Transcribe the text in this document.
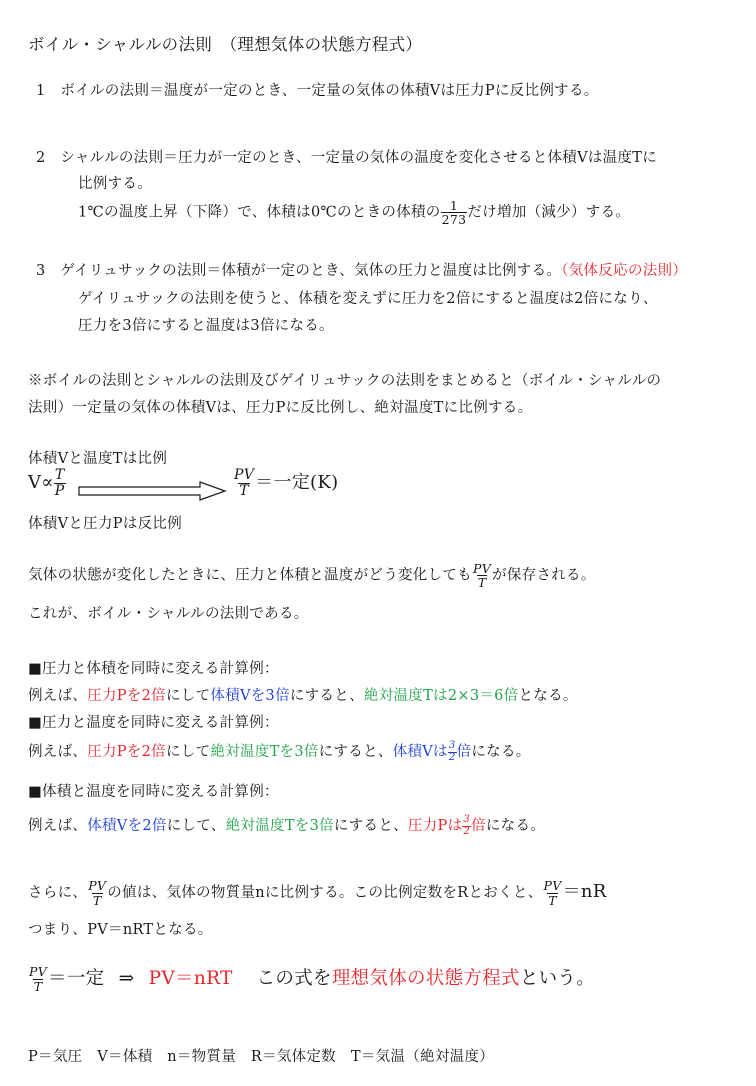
ボイル・シャルルの法則　（理想気体の状態方程式）
1　ボイルの法則＝温度が一定のとき、一定量の気体の体積Vは圧力Pに反比例する。
2　シャルルの法則＝圧力が一定のとき、一定量の気体の温度を変化させると体積Vは温度Tに
比例する。
1℃の温度上昇（下降）で、体積は0℃のときの体積の $\frac{1}{273}$ だけ増加（減少）する。
3　ゲイリュサックの法則＝体積が一定のとき、気体の圧力と温度は比例する。（気体反応の法則）
ゲイリュサックの法則を使うと、体積を変えずに圧力を2倍にすると温度は2倍になり、
圧力を3倍にすると温度は3倍になる。
※ボイルの法則とシャルルの法則及びゲイリュサックの法則をまとめると（ボイル・シャルルの
法則）一定量の気体の体積Vは、圧力Pに反比例し、絶対温度Tに比例する。
体積Vと温度Tは比例
$V\propto \frac{T}{P}$	$\frac{PV}{T}$ ＝一定(K)
体積Vと圧力Pは反比例
気体の状態が変化したときに、圧力と体積と温度がどう変化しても $\frac{PV}{T}$ が保存される。
これが、ボイル・シャルルの法則である。
■圧力と体積を同時に変える計算例：
例えば、圧力Pを2倍にして体積Vを3倍にすると、絶対温度Tは2×3＝6倍となる。
■圧力と温度を同時に変える計算例：
例えば、圧力Pを2倍にして絶対温度Tを3倍にすると、体積Vは $\frac{3}{2}$ 倍になる。
■体積と温度を同時に変える計算例：
例えば、体積Vを2倍にして、絶対温度Tを3倍にすると、圧力Pは $\frac{3}{2}$ 倍になる。
さらに、 $\frac{PV}{T}$ の値は、気体の物質量nに比例する。この比例定数をRとおくと、 $\frac{PV}{T} =nR$
つまり、PV＝nRTとなる。
$\frac{PV}{T}$ ＝一定 ⇒ PV＝nRT この式を理想気体の状態方程式という。
P＝気圧　V＝体積　n＝物質量　R＝気体定数　T＝気温（絶対温度）
